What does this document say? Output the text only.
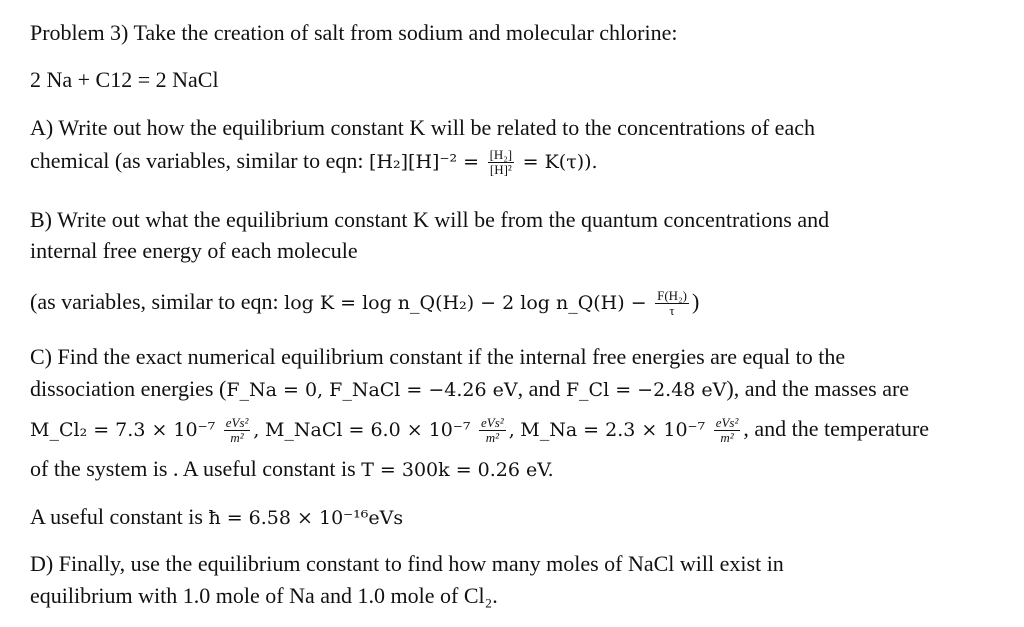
Problem 3) Take the creation of salt from sodium and molecular chlorine:
2 Na + C12 = 2 NaCl
A) Write out how the equilibrium constant K will be related to the concentrations of each
chemical (as variables, similar to eqn: $[H_2][H]^{-2} = \frac{\text{[H₂]}}{\text{[H]²}} = K(\tau)$).
B) Write out what the equilibrium constant K will be from the quantum concentrations and
internal free energy of each molecule
(as variables, similar to eqn: log K = log n_Q(H₂) − 2 log n_Q(H) − $\frac{\text{F(H₂)}}{\tau}$ )
C) Find the exact numerical equilibrium constant if the internal free energies are equal to the
dissociation energies (F_Na = 0, F_NaCl = −4.26 eV, and F_Cl = −2.48 eV), and the masses are
M_Cl₂ = $7.3 \times 10^{-7} \frac{\text{eVs²}}{\text{m²}}$ , M_NaCl = $6.0 \times 10^{-7} \frac{\text{eVs²}}{\text{m²}}$ , M_Na = $2.3 \times 10^{-7} \frac{\text{eVs²}}{\text{m²}}$ , and the temperature
of the system is . A useful constant is T = 300k = 0.26 eV.
A useful constant is ħ = 6.58 × 10⁻¹⁶eVs
D) Finally, use the equilibrium constant to find how many moles of NaCl will exist in
equilibrium with 1.0 mole of Na and 1.0 mole of Cl₂.
